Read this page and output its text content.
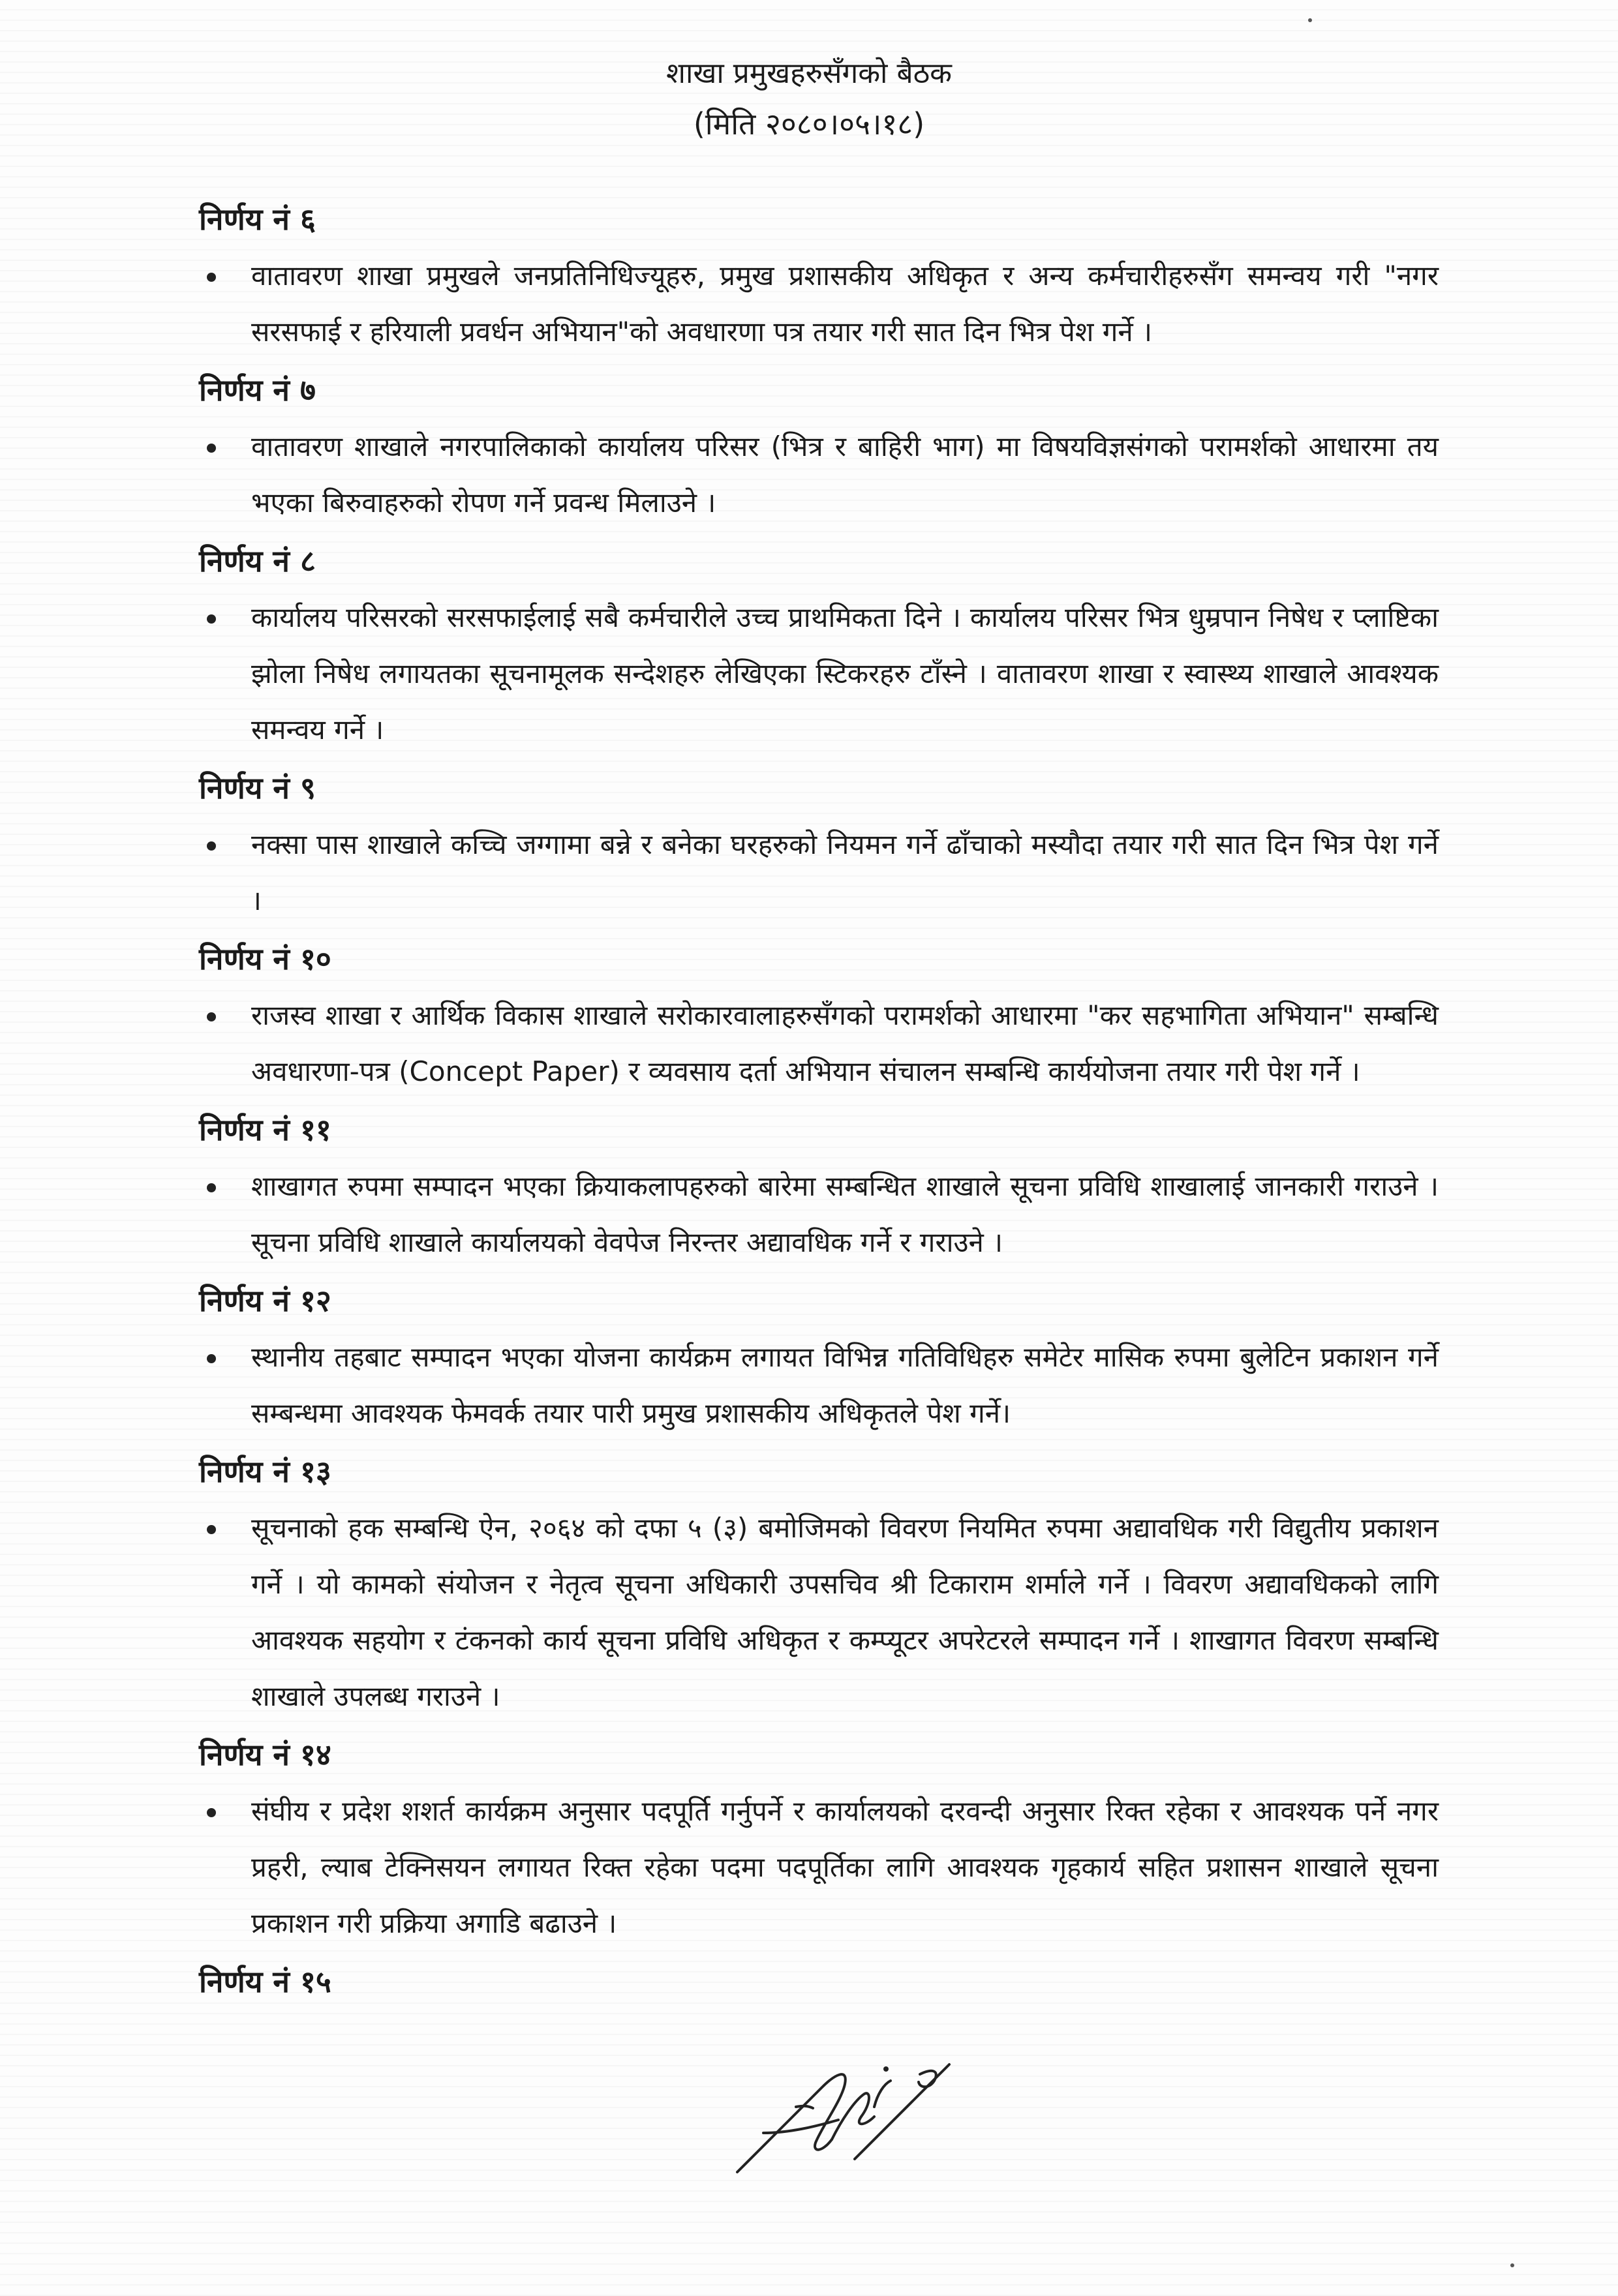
शाखा प्रमुखहरुसँगको बैठक
(मिति २०८०।०५।१८)

निर्णय नं ६

वातावरण शाखा प्रमुखले जनप्रतिनिधिज्यूहरु, प्रमुख प्रशासकीय अधिकृत र अन्य कर्मचारीहरुसँग समन्वय गरी "नगर सरसफाई र हरियाली प्रवर्धन अभियान"को अवधारणा पत्र तयार गरी सात दिन भित्र पेश गर्ने ।

निर्णय नं ७

वातावरण शाखाले नगरपालिकाको कार्यालय परिसर (भित्र र बाहिरी भाग) मा विषयविज्ञसंगको परामर्शको आधारमा तय भएका बिरुवाहरुको रोपण गर्ने प्रवन्ध मिलाउने ।

निर्णय नं ८

कार्यालय परिसरको सरसफाईलाई सबै कर्मचारीले उच्च प्राथमिकता दिने । कार्यालय परिसर भित्र धुम्रपान निषेध र प्लाष्टिका झोला निषेध लगायतका सूचनामूलक सन्देशहरु लेखिएका स्टिकरहरु टाँस्ने । वातावरण शाखा र स्वास्थ्य शाखाले आवश्यक समन्वय गर्ने ।

निर्णय नं ९

नक्सा पास शाखाले कच्चि जग्गामा बन्ने र बनेका घरहरुको नियमन गर्ने ढाँचाको मस्यौदा तयार गरी सात दिन भित्र पेश गर्ने ।

निर्णय नं १०

राजस्व शाखा र आर्थिक विकास शाखाले सरोकारवालाहरुसँगको परामर्शको आधारमा "कर सहभागिता अभियान" सम्बन्धि अवधारणा-पत्र (Concept Paper) र व्यवसाय दर्ता अभियान संचालन सम्बन्धि कार्ययोजना तयार गरी पेश गर्ने ।

निर्णय नं ११

शाखागत रुपमा सम्पादन भएका क्रियाकलापहरुको बारेमा सम्बन्धित शाखाले सूचना प्रविधि शाखालाई जानकारी गराउने । सूचना प्रविधि शाखाले कार्यालयको वेवपेज निरन्तर अद्यावधिक गर्ने र गराउने ।

निर्णय नं १२

स्थानीय तहबाट सम्पादन भएका योजना कार्यक्रम लगायत विभिन्न गतिविधिहरु समेटेर मासिक रुपमा बुलेटिन प्रकाशन गर्ने सम्बन्धमा आवश्यक फेमवर्क तयार पारी प्रमुख प्रशासकीय अधिकृतले पेश गर्ने।

निर्णय नं १३

सूचनाको हक सम्बन्धि ऐन, २०६४ को दफा ५ (३) बमोजिमको विवरण नियमित रुपमा अद्यावधिक गरी विद्युतीय प्रकाशन गर्ने । यो कामको संयोजन र नेतृत्व सूचना अधिकारी उपसचिव श्री टिकाराम शर्माले गर्ने । विवरण अद्यावधिकको लागि आवश्यक सहयोग र टंकनको कार्य सूचना प्रविधि अधिकृत र कम्प्यूटर अपरेटरले सम्पादन गर्ने । शाखागत विवरण सम्बन्धि शाखाले उपलब्ध गराउने ।

निर्णय नं १४

संघीय र प्रदेश शशर्त कार्यक्रम अनुसार पदपूर्ति गर्नुपर्ने र कार्यालयको दरवन्दी अनुसार रिक्त रहेका र आवश्यक पर्ने नगर प्रहरी, ल्याब टेक्निसयन लगायत रिक्त रहेका पदमा पदपूर्तिका लागि आवश्यक गृहकार्य सहित प्रशासन शाखाले सूचना प्रकाशन गरी प्रक्रिया अगाडि बढाउने ।

निर्णय नं १५
